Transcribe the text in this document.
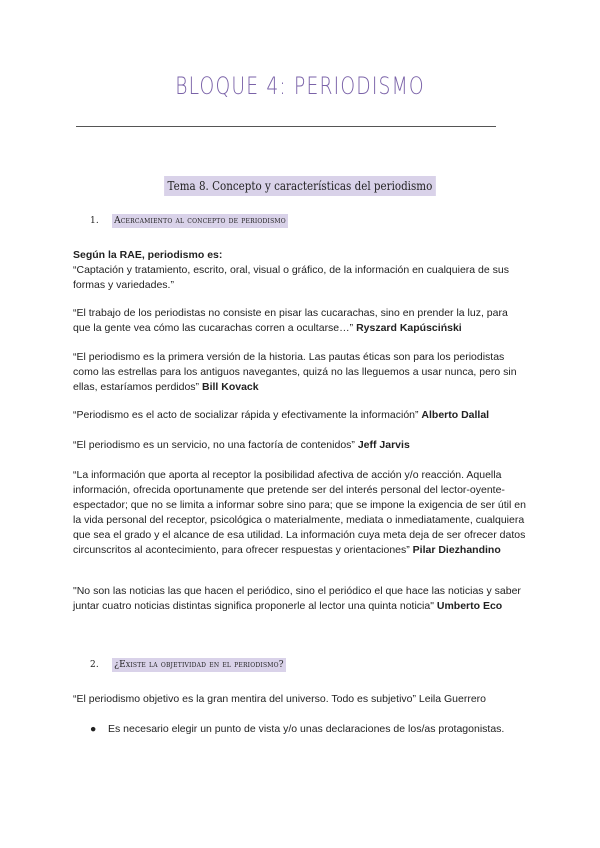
BLOQUE 4: PERIODISMO
Tema 8. Concepto y características del periodismo
1. Acercamiento al concepto de periodismo
Según la RAE, periodismo es:
“Captación y tratamiento, escrito, oral, visual o gráfico, de la información en cualquiera de sus formas y variedades.”
“El trabajo de los periodistas no consiste en pisar las cucarachas, sino en prender la luz, para que la gente vea cómo las cucarachas corren a ocultarse…” Ryszard Kapúsciński
“El periodismo es la primera versión de la historia. Las pautas éticas son para los periodistas como las estrellas para los antiguos navegantes, quizá no las lleguemos a usar nunca, pero sin ellas, estaríamos perdidos” Bill Kovack
“Periodismo es el acto de socializar rápida y efectivamente la información” Alberto Dallal
“El periodismo es un servicio, no una factoría de contenidos” Jeff Jarvis
“La información que aporta al receptor la posibilidad afectiva de acción y/o reacción. Aquella información, ofrecida oportunamente que pretende ser del interés personal del lector-oyente-espectador; que no se limita a informar sobre sino para; que se impone la exigencia de ser útil en la vida personal del receptor, psicológica o materialmente, mediata o inmediatamente, cualquiera que sea el grado y el alcance de esa utilidad. La información cuya meta deja de ser ofrecer datos circunscritos al acontecimiento, para ofrecer respuestas y orientaciones” Pilar Diezhandino
"No son las noticias las que hacen el periódico, sino el periódico el que hace las noticias y saber juntar cuatro noticias distintas significa proponerle al lector una quinta noticia" Umberto Eco
2. ¿Existe la objetividad en el periodismo?
“El periodismo objetivo es la gran mentira del universo. Todo es subjetivo” Leila Guerrero
● Es necesario elegir un punto de vista y/o unas declaraciones de los/as protagonistas.
